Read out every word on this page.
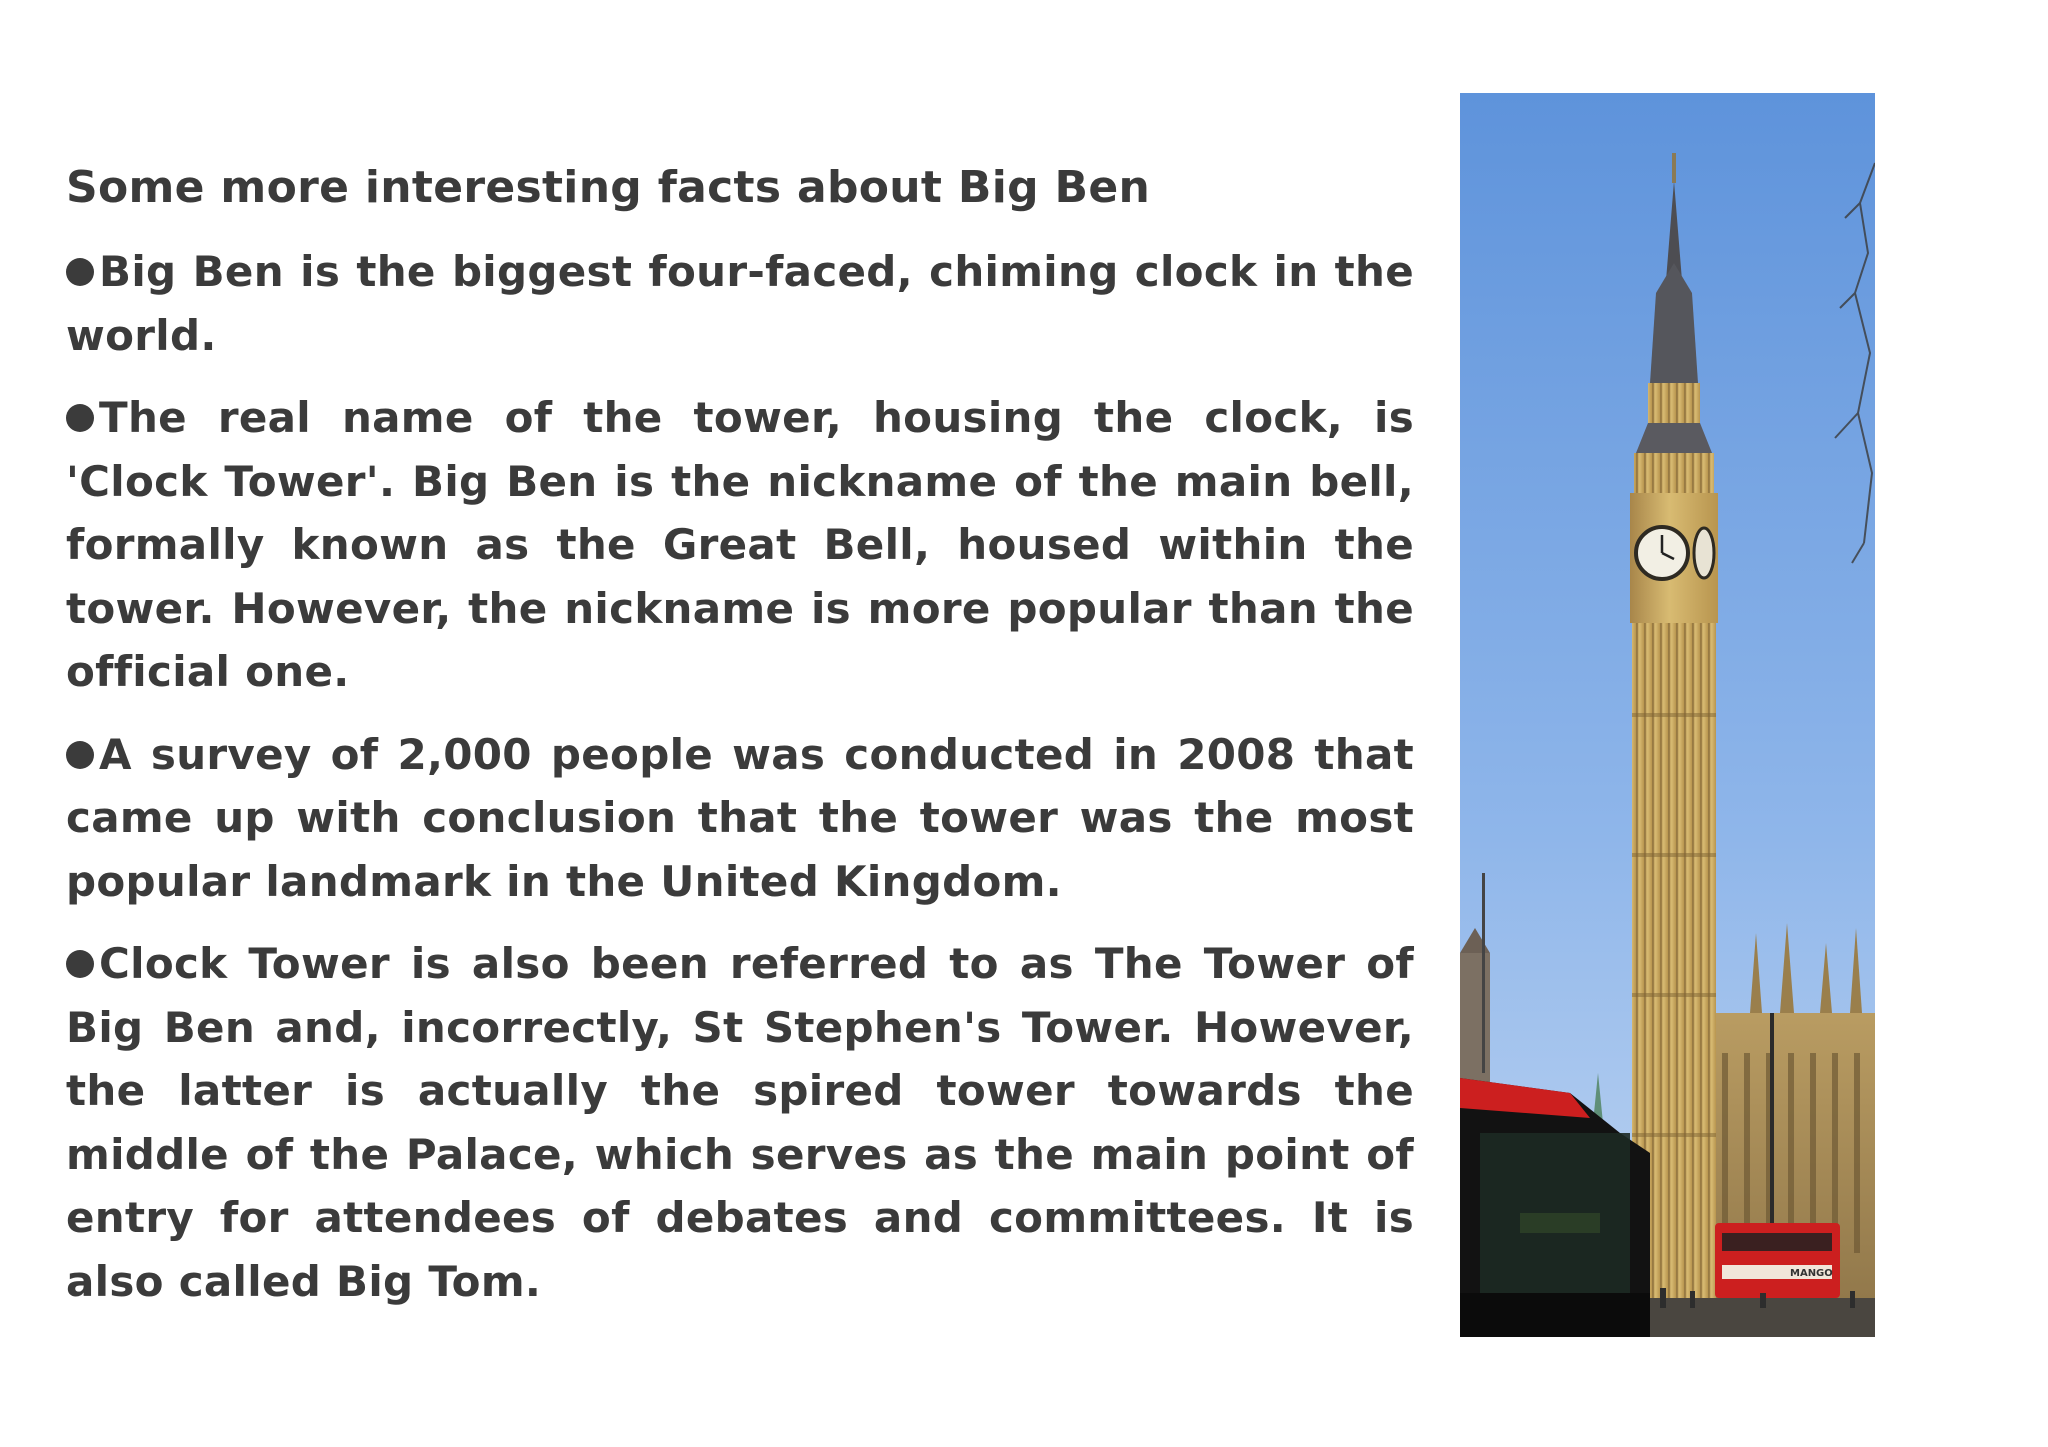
Some more interesting facts about Big Ben

Big Ben is the biggest four-faced, chiming clock in the world.

The real name of the tower, housing the clock, is 'Clock Tower'. Big Ben is the nickname of the main bell, formally known as the Great Bell, housed within the tower. However, the nickname is more popular than the official one.

A survey of 2,000 people was conducted in 2008 that came up with conclusion that the tower was the most popular landmark in the United Kingdom.

Clock Tower is also been referred to as The Tower of Big Ben and, incorrectly, St Stephen's Tower. However, the latter is actually the spired tower towards the middle of the Palace, which serves as the main point of entry for attendees of debates and committees. It is also called Big Tom.	MANGO
